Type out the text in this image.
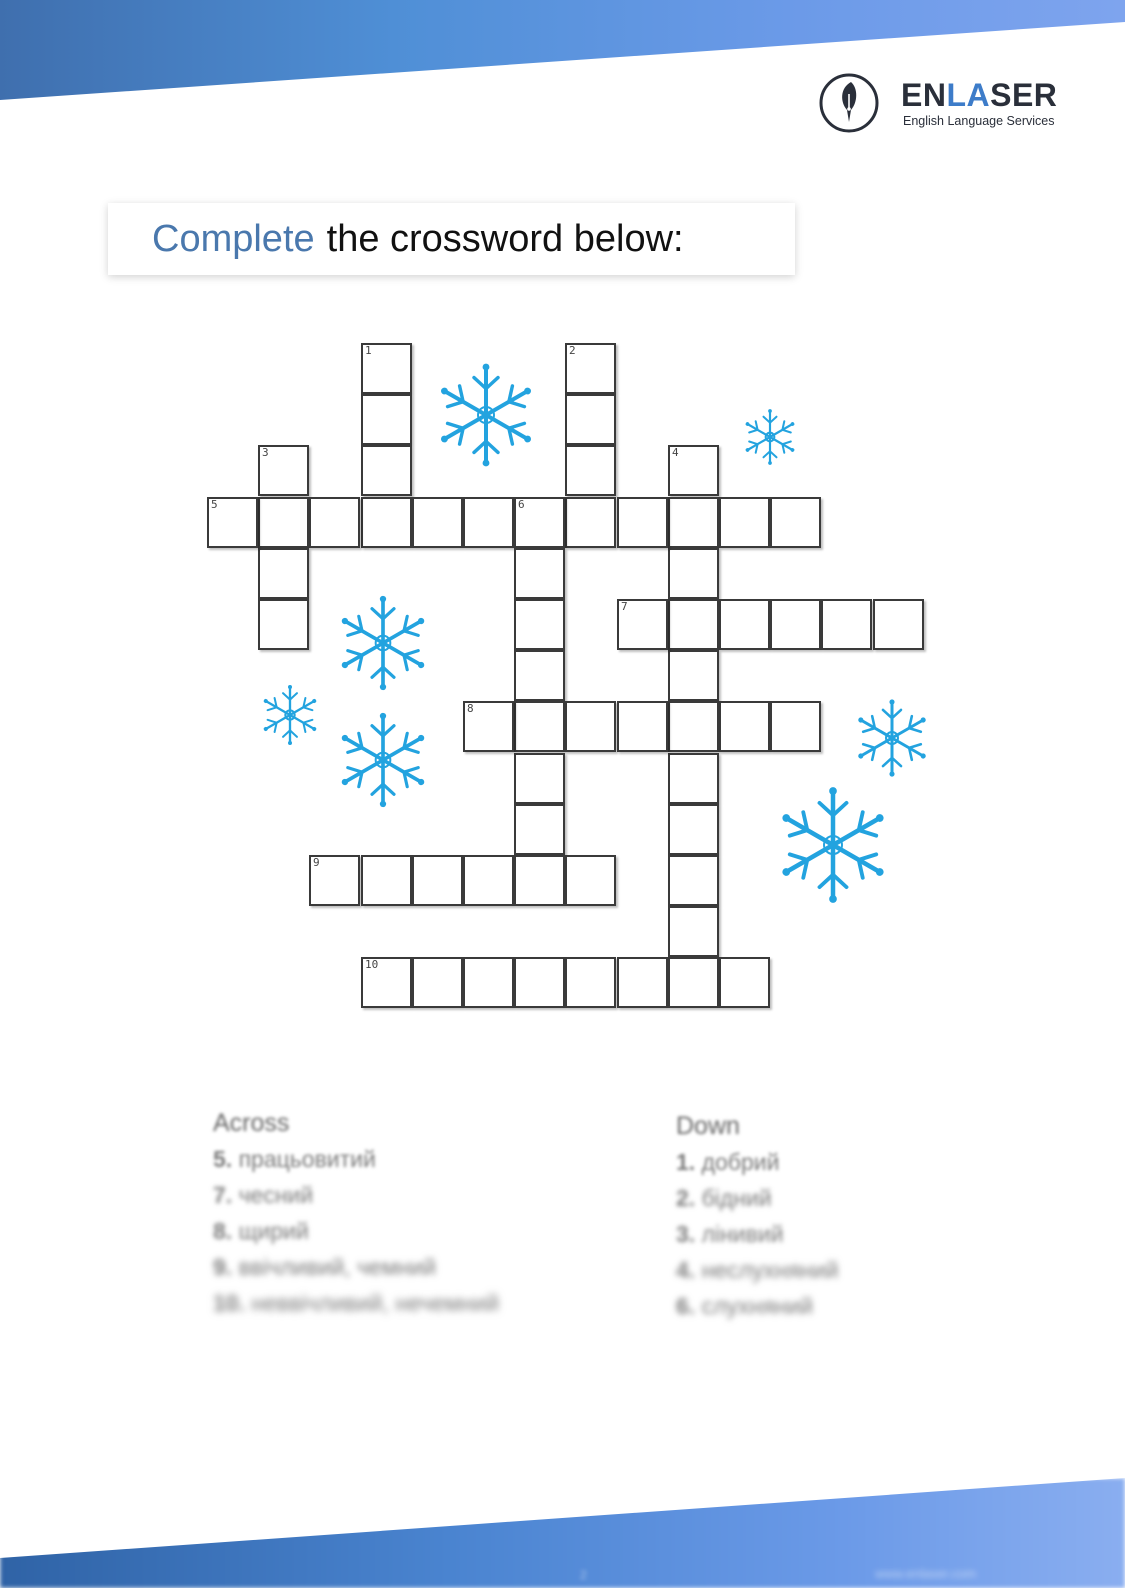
ENLASER
English Language Services
Complete the crossword below:
1	2
3	4
5	6
7
8
9
10
Across
5. працьовитий
7. чесний
8. щирий
9. ввічливий, чемний
10. неввічливий, нечемний
Down
1. добрий
2. бідний
3. лінивий
4. неслухняний
6. слухняний
2	www.enlaser.com
